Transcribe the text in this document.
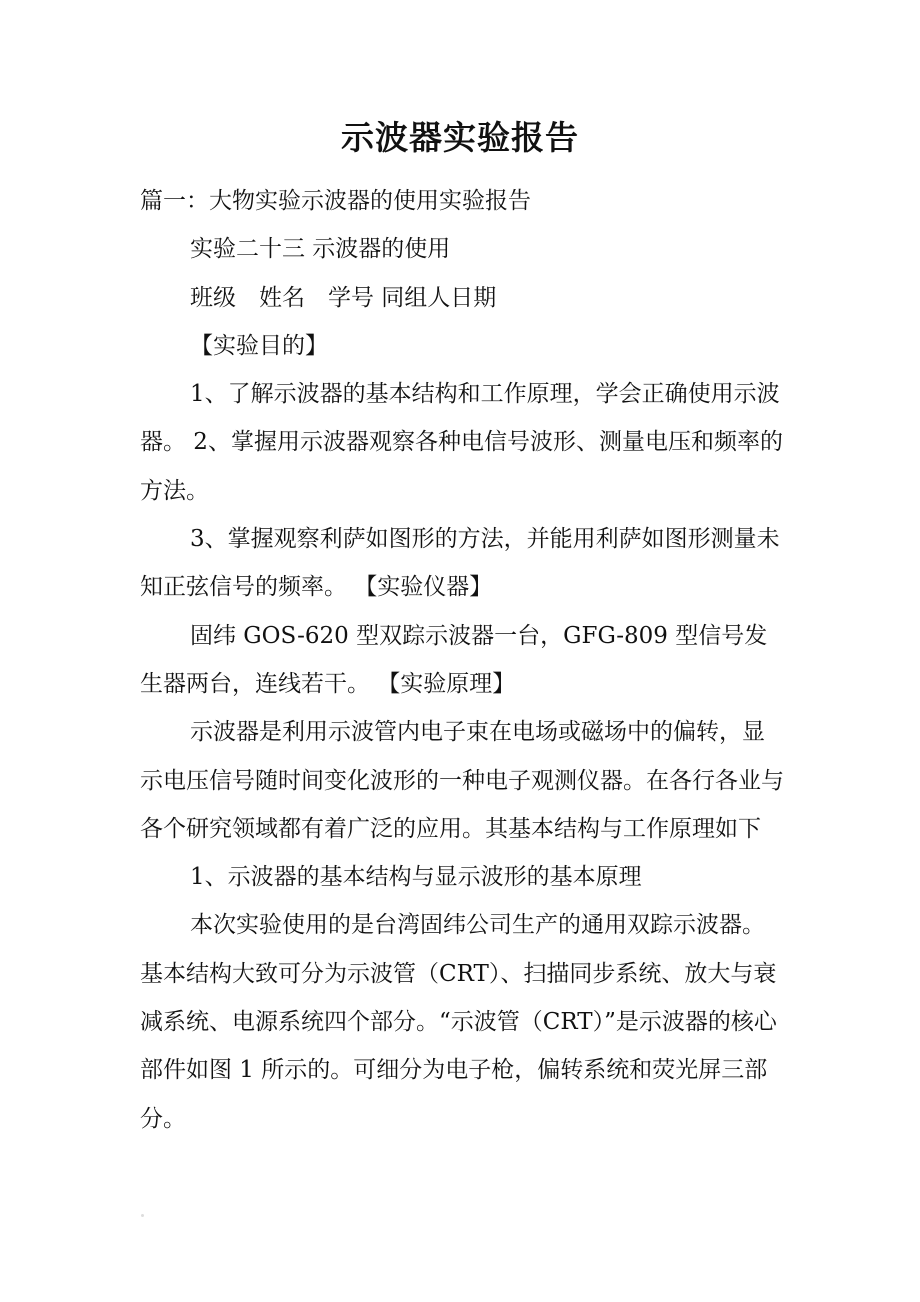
示波器实验报告

篇一：大物实验示波器的使用实验报告

实验二十三 示波器的使用

班级　姓名　学号 同组人日期

【实验目的】

1、了解示波器的基本结构和工作原理，学会正确使用示波器。 2、掌握用示波器观察各种电信号波形、测量电压和频率的方法。

3、掌握观察利萨如图形的方法，并能用利萨如图形测量未知正弦信号的频率。 【实验仪器】

固纬 GOS-620 型双踪示波器一台，GFG-809 型信号发生器两台，连线若干。 【实验原理】

示波器是利用示波管内电子束在电场或磁场中的偏转，显示电压信号随时间变化波形的一种电子观测仪器。在各行各业与各个研究领域都有着广泛的应用。其基本结构与工作原理如下

1、示波器的基本结构与显示波形的基本原理

本次实验使用的是台湾固纬公司生产的通用双踪示波器。基本结构大致可分为示波管（CRT）、扫描同步系统、放大与衰减系统、电源系统四个部分。“示波管（CRT）”是示波器的核心部件如图 1 所示的。可细分为电子枪，偏转系统和荧光屏三部分。
